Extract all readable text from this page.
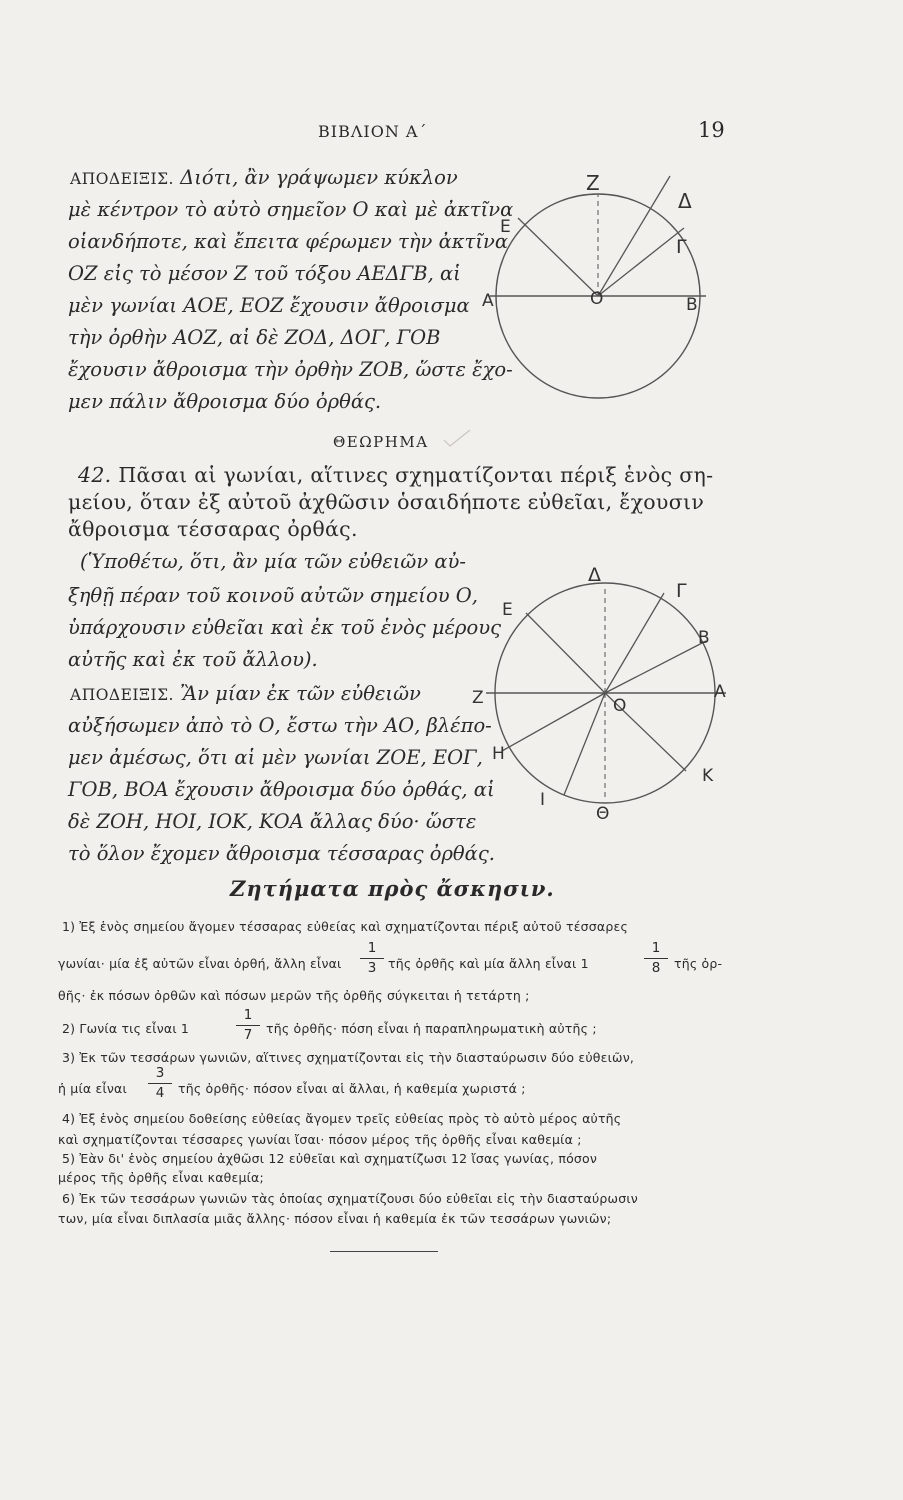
ΒΙΒΛΙΟΝ Α΄	19
ΑΠΟΔΕΙΞΙΣ. Διότι, ἂν γράψωμεν κύκλον
μὲ κέντρον τὸ αὐτὸ σημεῖον Ο καὶ μὲ ἀκτῖνα
οἱανδήποτε, καὶ ἔπειτα φέρωμεν τὴν ἀκτῖνα
ΟΖ εἰς τὸ μέσον Ζ τοῦ τόξου ΑΕΔΓΒ, αἱ
μὲν γωνίαι ΑΟΕ, ΕΟΖ ἔχουσιν ἄθροισμα
τὴν ὀρθὴν ΑΟΖ, αἱ δὲ ΖΟΔ, ΔΟΓ, ΓΟΒ
ἔχουσιν ἄθροισμα τὴν ὀρθὴν ΖΟΒ, ὥστε ἔχο-
μεν πάλιν ἄθροισμα δύο ὀρθάς.
Z
Δ
E
Γ
A	O	B
ΘΕΩΡΗΜΑ
42. Πᾶσαι αἱ γωνίαι, αἵτινες σχηματίζονται πέριξ ἑνὸς ση-
μείου, ὅταν ἐξ αὐτοῦ ἀχθῶσιν ὁσαιδήποτε εὐθεῖαι, ἔχουσιν
ἄθροισμα τέσσαρας ὀρθάς.
(Ὑποθέτω, ὅτι, ἂν μία τῶν εὐθειῶν αὐ-
ξηθῇ πέραν τοῦ κοινοῦ αὐτῶν σημείου Ο,
ὑπάρχουσιν εὐθεῖαι καὶ ἐκ τοῦ ἑνὸς μέρους
αὐτῆς καὶ ἐκ τοῦ ἄλλου).
ΑΠΟΔΕΙΞΙΣ. Ἂν μίαν ἐκ τῶν εὐθειῶν
αὐξήσωμεν ἀπὸ τὸ Ο, ἔστω τὴν ΑΟ, βλέπο-
μεν ἀμέσως, ὅτι αἱ μὲν γωνίαι ΖΟΕ, ΕΟΓ,
ΓΟΒ, ΒΟΑ ἔχουσιν ἄθροισμα δύο ὀρθάς, αἱ
δὲ ΖΟΗ, ΗΟΙ, ΙΟΚ, ΚΟΑ ἄλλας δύο· ὥστε
τὸ ὅλον ἔχομεν ἄθροισμα τέσσαρας ὀρθάς.
Δ
Γ
E
B
Z	O
A
H
K
I
Θ
Ζητήματα πρὸς ἄσκησιν.
1) Ἐξ ἑνὸς σημείου ἄγομεν τέσσαρας εὐθείας καὶ σχηματίζονται πέριξ αὐτοῦ τέσσαρες
γωνίαι· μία ἐξ αὐτῶν εἶναι ὀρθή, ἄλλη εἶναι
1
3 τῆς ὀρθῆς καὶ μία ἄλλη εἶναι 1
1
8	τῆς ὀρ-
θῆς· ἐκ πόσων ὀρθῶν καὶ πόσων μερῶν τῆς ὀρθῆς σύγκειται ἡ τετάρτη ;
2) Γωνία τις εἶναι 1
1
7	τῆς ὀρθῆς· πόση εἶναι ἡ παραπληρωματικὴ αὐτῆς ;
3) Ἐκ τῶν τεσσάρων γωνιῶν, αἵτινες σχηματίζονται εἰς τὴν διασταύρωσιν δύο εὐθειῶν,
ἡ μία εἶναι
3
4	τῆς ὀρθῆς· πόσον εἶναι αἱ ἄλλαι, ἡ καθεμία χωριστά ;
4) Ἐξ ἑνὸς σημείου δοθείσης εὐθείας ἄγομεν τρεῖς εὐθείας πρὸς τὸ αὐτὸ μέρος αὐτῆς
καὶ σχηματίζονται τέσσαρες γωνίαι ἴσαι· πόσον μέρος τῆς ὀρθῆς εἶναι καθεμία ;
5) Ἐὰν δι' ἑνὸς σημείου ἀχθῶσι 12 εὐθεῖαι καὶ σχηματίζωσι 12 ἴσας γωνίας, πόσον
μέρος τῆς ὀρθῆς εἶναι καθεμία;
6) Ἐκ τῶν τεσσάρων γωνιῶν τὰς ὁποίας σχηματίζουσι δύο εὐθεῖαι εἰς τὴν διασταύρωσιν
των, μία εἶναι διπλασία μιᾶς ἄλλης· πόσον εἶναι ἡ καθεμία ἐκ τῶν τεσσάρων γωνιῶν;
